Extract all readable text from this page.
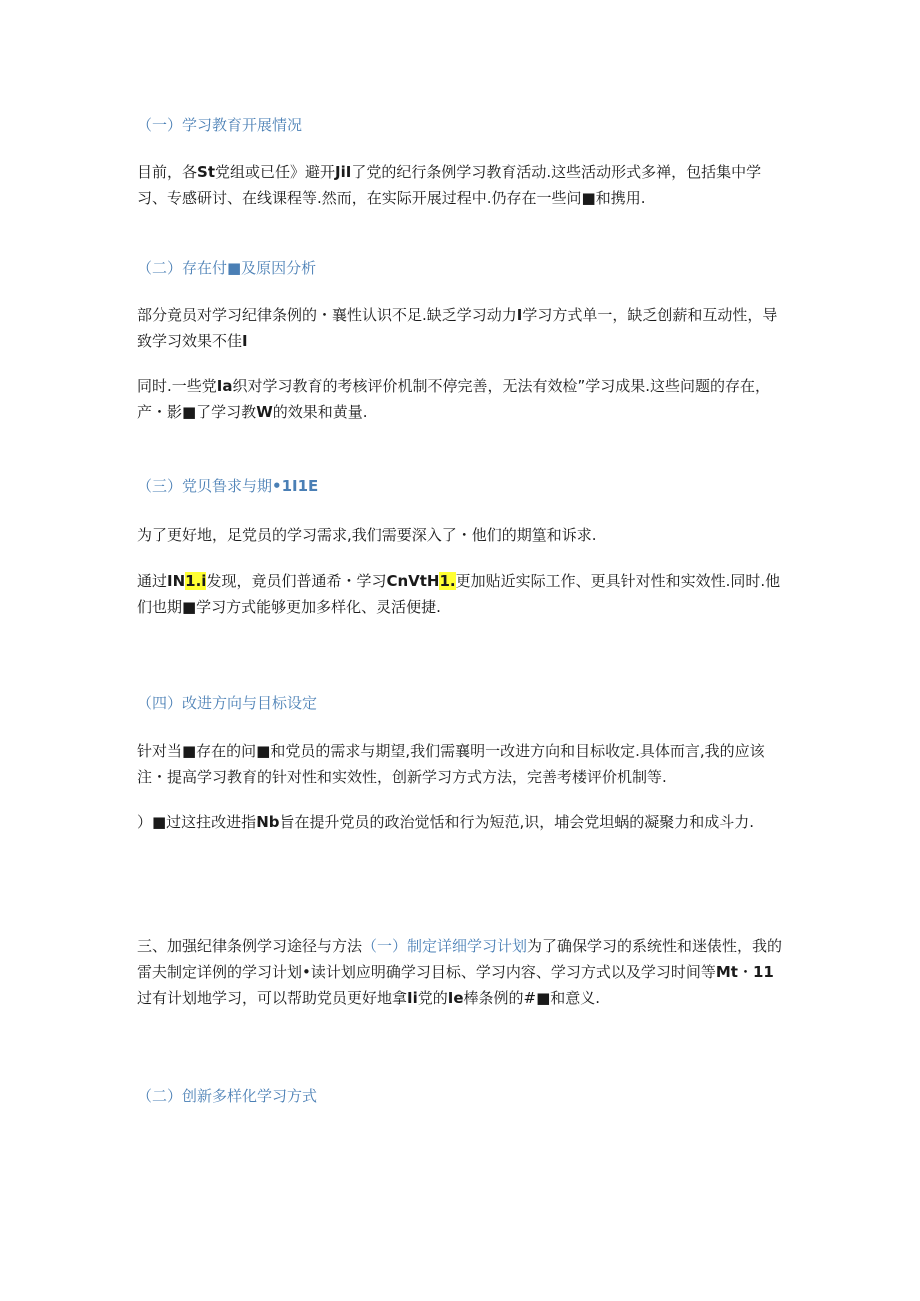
（一）学习教育开展情况

目前，各St党组或已任》避开JiI了党的纪行条例学习教育活动.这些活动形式多禅，包括集中学习、专感研讨、在线课程等.然而，在实际开展过程中.仍存在一些问■和携用.

（二）存在付■及原因分析

部分竟员对学习纪律条例的・襄性认识不足.缺乏学习动力I学习方式单一，缺乏创薪和互动性，导致学习效果不佳I

同时.一些党Ia织对学习教育的考核评价机制不停完善，无法有效检”学习成果.这些问题的存在，产・影■了学习教W的效果和黄量.

（三）党贝鲁求与期•1I1E

为了更好地，足党员的学习需求,我们需要深入了・他们的期篁和诉求.

通过IN1.i发现，竟员们普通希・学习CnVtH1.更加贴近实际工作、更具针对性和实效性.同时.他们也期■学习方式能够更加多样化、灵活便捷.

（四）改进方向与目标设定

针对当■存在的问■和党员的需求与期望,我们需襄明一改进方向和目标收定.具体而言,我的应该注・提高学习教育的针对性和实效性，创新学习方式方法，完善考楼评价机制等.

）■过这拄改进指Nb旨在提升党员的政治觉恬和行为短范,识，埔会党坦蜗的凝聚力和成斗力.

三、加强纪律条例学习途径与方法（一）制定详细学习计划为了确保学习的系统性和迷俵性，我的雷夫制定详例的学习计划•读计划应明确学习目标、学习内容、学习方式以及学习时间等Mt・11过有计划地学习，可以帮助党员更好地拿Ii党的Ie棒条例的#■和意义.

（二）创新多样化学习方式
